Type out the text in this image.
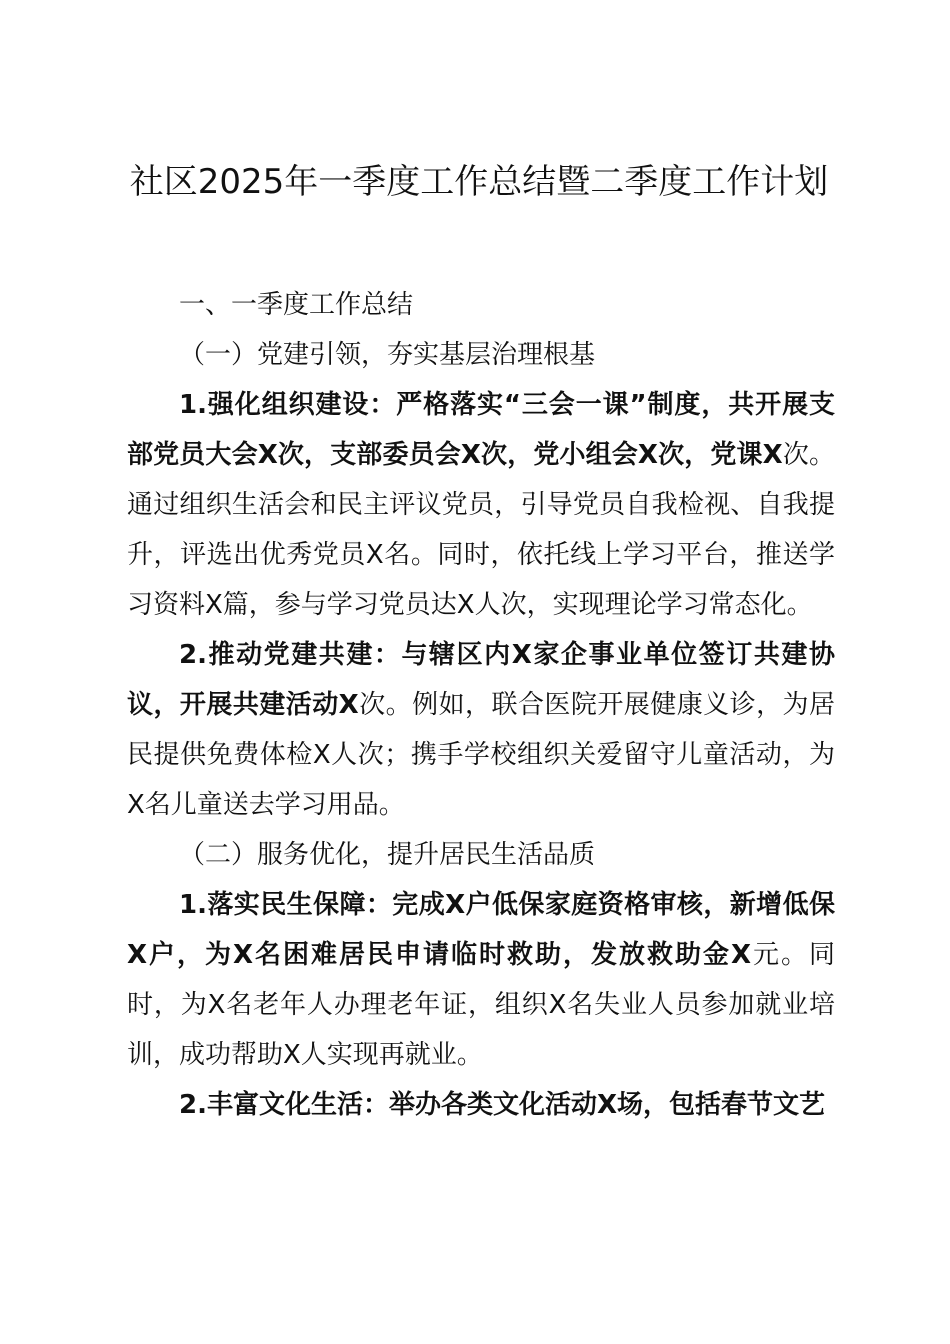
社区2025年一季度工作总结暨二季度工作计划

一、一季度工作总结

（一）党建引领，夯实基层治理根基

1.强化组织建设：严格落实“三会一课”制度，共开展支部党员大会X次，支部委员会X次，党小组会X次，党课X次。通过组织生活会和民主评议党员，引导党员自我检视、自我提升，评选出优秀党员X名。同时，依托线上学习平台，推送学习资料X篇，参与学习党员达X人次，实现理论学习常态化。

2.推动党建共建：与辖区内X家企事业单位签订共建协议，开展共建活动X次。例如，联合医院开展健康义诊，为居民提供免费体检X人次；携手学校组织关爱留守儿童活动，为X名儿童送去学习用品。

（二）服务优化，提升居民生活品质

1.落实民生保障：完成X户低保家庭资格审核，新增低保X户，为X名困难居民申请临时救助，发放救助金X元。同时，为X名老年人办理老年证，组织X名失业人员参加就业培训，成功帮助X人实现再就业。

2.丰富文化生活：举办各类文化活动X场，包括春节文艺
